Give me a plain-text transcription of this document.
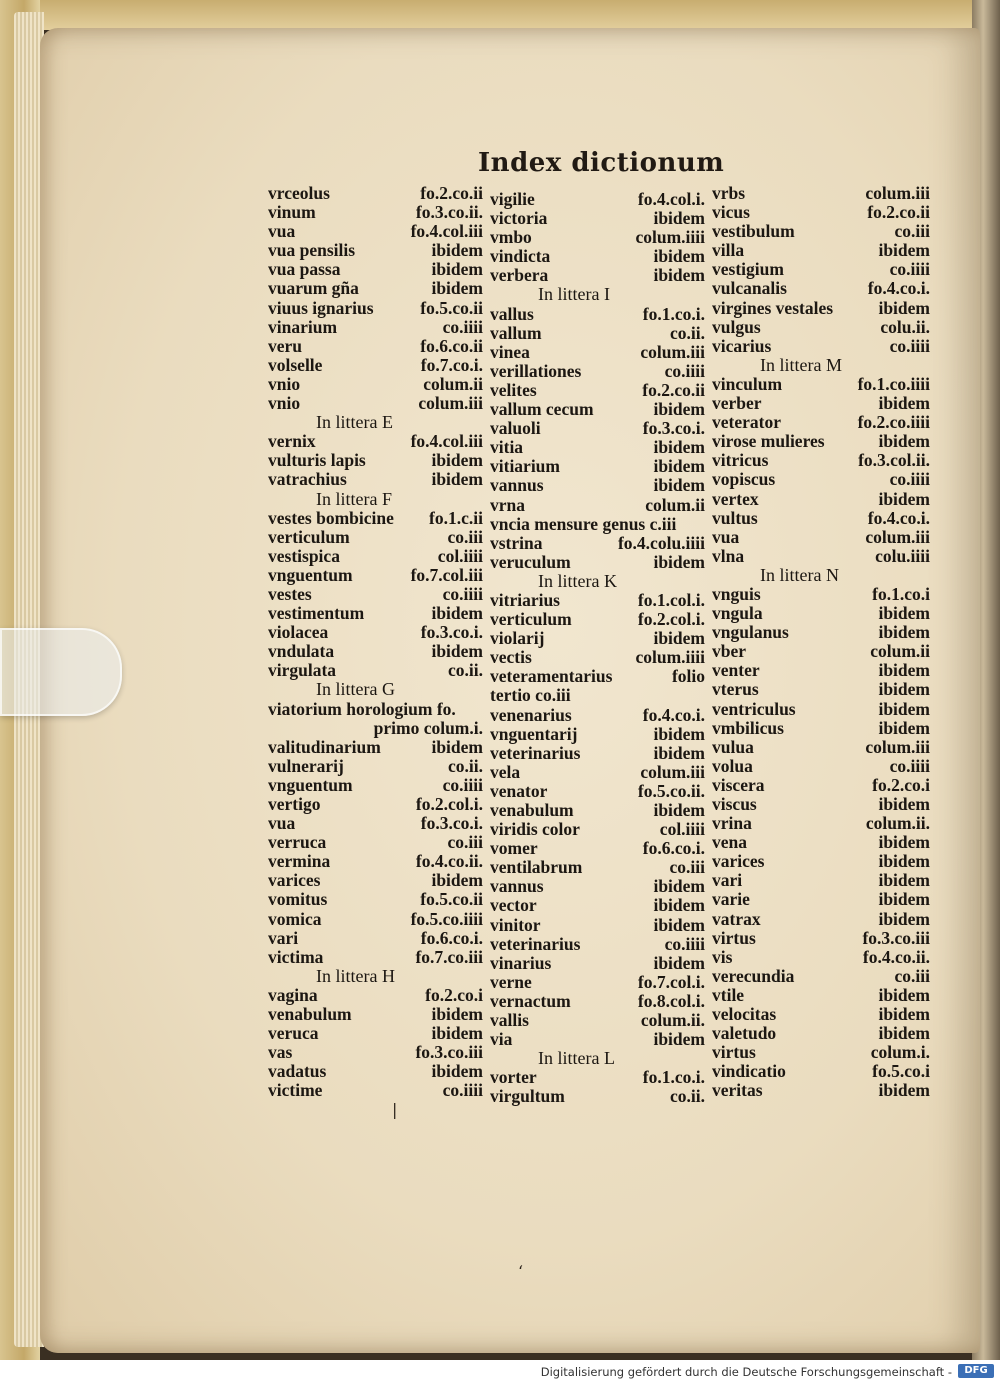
Index dictionum
vrceolus	fo.2.co.ii
vinum	fo.3.co.ii.
vua	fo.4.col.iii
vua pensilis	ibidem
vua passa	ibidem
vuarum gña	ibidem
viuus ignarius	fo.5.co.ii
vinarium	co.iiii
veru	fo.6.co.ii
volselle	fo.7.co.i.
vnio	colum.ii
vnio	colum.iii
In littera E
vernix	fo.4.col.iii
vulturis lapis	ibidem
vatrachius	ibidem
In littera F
vestes bombicine fo.1.c.ii
verticulum	co.iii
vestispica	col.iiii
vnguentum	fo.7.col.iii
vestes	co.iiii
vestimentum	ibidem
violacea	fo.3.co.i.
vndulata	ibidem
virgulata	co.ii.
In littera G
viatorium horologium fo.
primo colum.i.
valitudinarium	ibidem
vulnerarij	co.ii.
vnguentum	co.iiii
vertigo	fo.2.col.i.
vua	fo.3.co.i.
verruca	co.iii
vermina	fo.4.co.ii.
varices	ibidem
vomitus	fo.5.co.ii
vomica	fo.5.co.iiii
vari	fo.6.co.i.
victima	fo.7.co.iii
In littera H
vagina	fo.2.co.i
venabulum	ibidem
veruca	ibidem
vas	fo.3.co.iii
vadatus	ibidem
victime	co.iiii
vigilie	fo.4.col.i.
victoria	ibidem
vmbo	colum.iiii
vindicta	ibidem
verbera	ibidem
In littera I
vallus	fo.1.co.i.
vallum	co.ii.
vinea	colum.iii
verillationes	co.iiii
velites	fo.2.co.ii
vallum cecum	ibidem
valuoli	fo.3.co.i.
vitia	ibidem
vitiarium	ibidem
vannus	ibidem
vrna	colum.ii
vncia mensure genus c.iii
vstrina	fo.4.colu.iiii
veruculum	ibidem
In littera K
vitriarius	fo.1.col.i.
verticulum	fo.2.col.i.
violarij	ibidem
vectis	colum.iiii
veteramentarius	folio
tertio co.iii
venenarius	fo.4.co.i.
vnguentarij	ibidem
veterinarius	ibidem
vela	colum.iii
venator	fo.5.co.ii.
venabulum	ibidem
viridis color	col.iiii
vomer	fo.6.co.i.
ventilabrum	co.iii
vannus	ibidem
vector	ibidem
vinitor	ibidem
veterinarius	co.iiii
vinarius	ibidem
verne	fo.7.col.i.
vernactum	fo.8.col.i.
vallis	colum.ii.
via	ibidem
In littera L
vorter	fo.1.co.i.
virgultum	co.ii.
vrbs	colum.iii
vicus	fo.2.co.ii
vestibulum	co.iii
villa	ibidem
vestigium	co.iiii
vulcanalis	fo.4.co.i.
virgines vestales	ibidem
vulgus	colu.ii.
vicarius	co.iiii
In littera M
vinculum	fo.1.co.iiii
verber	ibidem
veterator	fo.2.co.iiii
virose mulieres	ibidem
vitricus	fo.3.col.ii.
vopiscus	co.iiii
vertex	ibidem
vultus	fo.4.co.i.
vua	colum.iii
vlna	colu.iiii
In littera N
vnguis	fo.1.co.i
vngula	ibidem
vngulanus	ibidem
vber	colum.ii
venter	ibidem
vterus	ibidem
ventriculus	ibidem
vmbilicus	ibidem
vulua	colum.iii
volua	co.iiii
viscera	fo.2.co.i
viscus	ibidem
vrina	colum.ii.
vena	ibidem
varices	ibidem
vari	ibidem
varie	ibidem
vatrax	ibidem
virtus	fo.3.co.iii
vis	fo.4.co.ii.
verecundia	co.iii
vtile	ibidem
velocitas	ibidem
valetudo	ibidem
virtus	colum.i.
vindicatio	fo.5.co.i
veritas	ibidem
|
ʻ
Digitalisierung gefördert durch die Deutsche Forschungsgemeinschaft -	DFG
